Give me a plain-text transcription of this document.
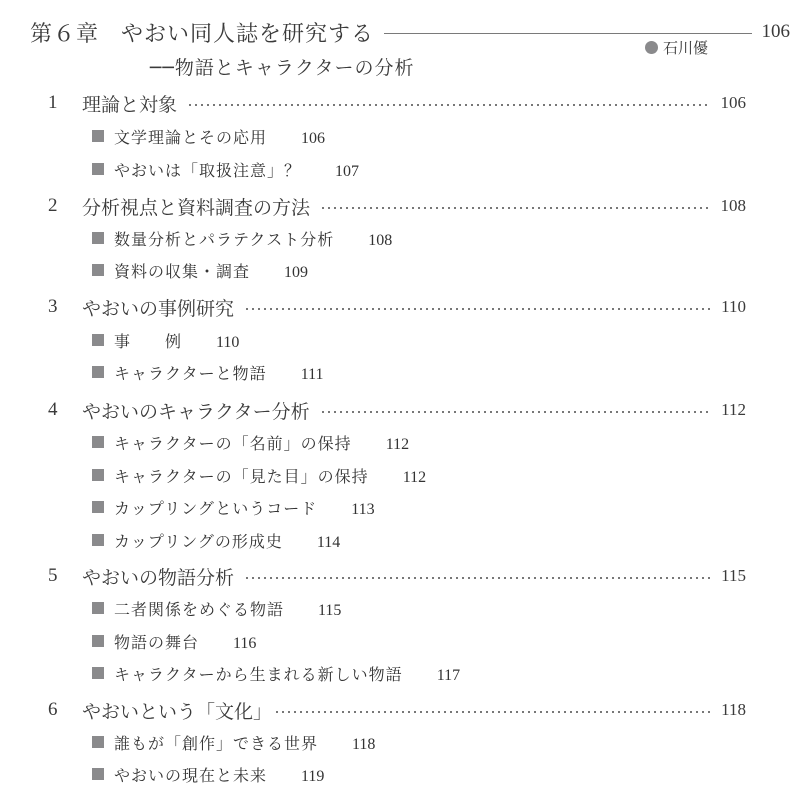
第６章 やおい同人誌を研究する	106
石川優
──物語とキャラクターの分析
1	理論と対象	106
文学理論とその応用 106
やおいは「取扱注意」？ 107
2	分析視点と資料調査の方法	108
数量分析とパラテクスト分析 108
資料の収集・調査 109
3	やおいの事例研究	110
事　　例 110
キャラクターと物語 111
4	やおいのキャラクター分析	112
キャラクターの「名前」の保持 112
キャラクターの「見た目」の保持 112
カップリングというコード 113
カップリングの形成史 114
5	やおいの物語分析	115
二者関係をめぐる物語 115
物語の舞台 116
キャラクターから生まれる新しい物語 117
6	やおいという「文化」	118
誰もが「創作」できる世界 118
やおいの現在と未来 119
